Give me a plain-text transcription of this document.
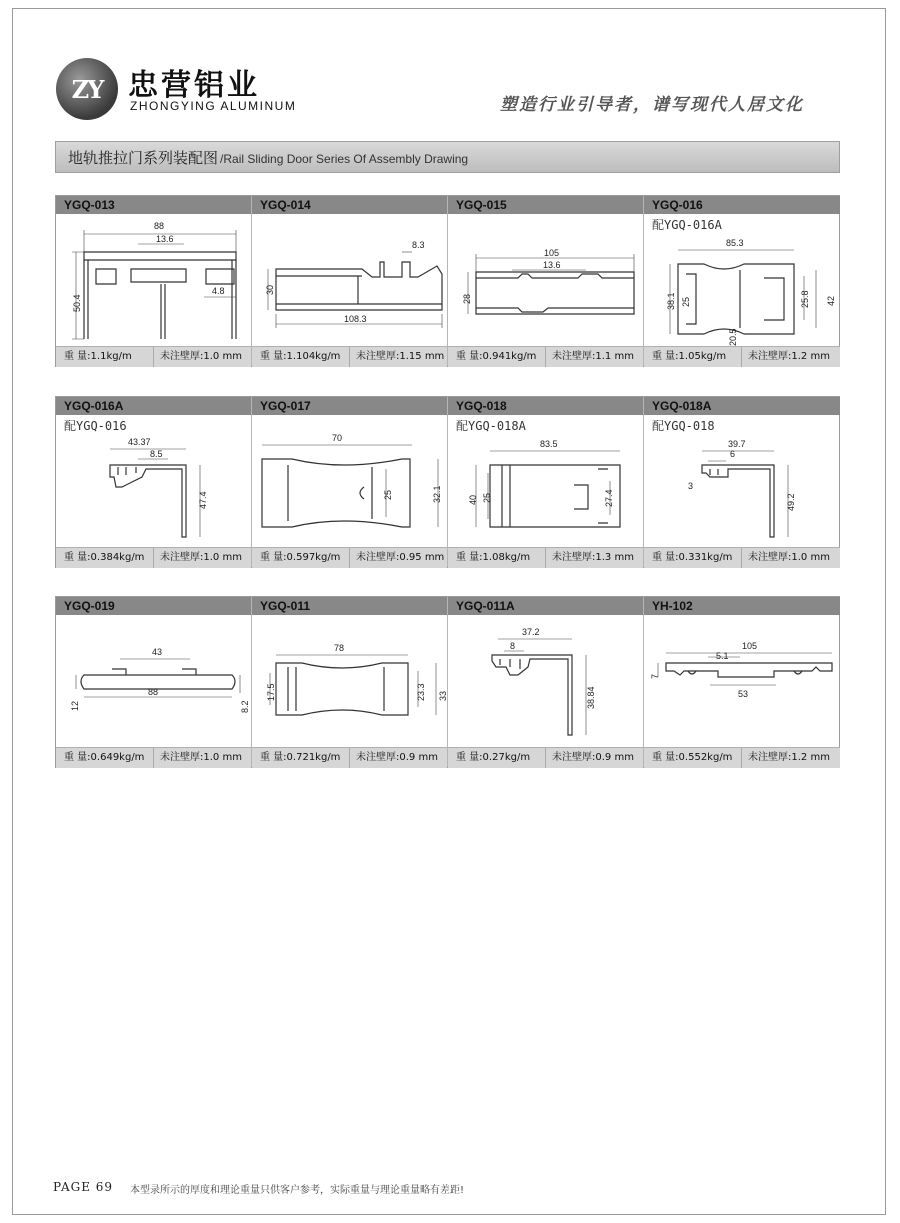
ZY 忠营铝业
ZHONGYING ALUMINUM	塑造行业引导者，谱写现代人居文化
地轨推拉门系列装配图 /Rail Sliding Door Series Of Assembly Drawing
YGQ-013
88
13.6
50.4
4.8
重 量:1.1kg/m	未注壁厚:1.0 mm
YGQ-014
8.3
30
108.3
重 量:1.104kg/m	未注壁厚:1.15 mm
YGQ-015
105
13.6
28
重 量:0.941kg/m	未注壁厚:1.1 mm
YGQ-016
配YGQ-016A
85.3
38.1 25	25.8 42
20.5
重 量:1.05kg/m	未注壁厚:1.2 mm
YGQ-016A
配YGQ-016
43.37
8.5
47.4
重 量:0.384kg/m	未注壁厚:1.0 mm
YGQ-017
70
25	32.1
重 量:0.597kg/m	未注壁厚:0.95 mm
YGQ-018
配YGQ-018A
83.5
40 25	27.4
重 量:1.08kg/m	未注壁厚:1.3 mm
YGQ-018A
配YGQ-018
39.7
6
3
49.2
重 量:0.331kg/m	未注壁厚:1.0 mm
YGQ-019
43
12
88
8.2
重 量:0.649kg/m	未注壁厚:1.0 mm
YGQ-011
78
17.5	23.3 33
重 量:0.721kg/m	未注壁厚:0.9 mm
YGQ-011A
37.2
8
38.84
重 量:0.27kg/m	未注壁厚:0.9 mm
YH-102
105
5.1
7
53
重 量:0.552kg/m	未注壁厚:1.2 mm
PAGE 69 本型录所示的厚度和理论重量只供客户参考，实际重量与理论重量略有差距!
